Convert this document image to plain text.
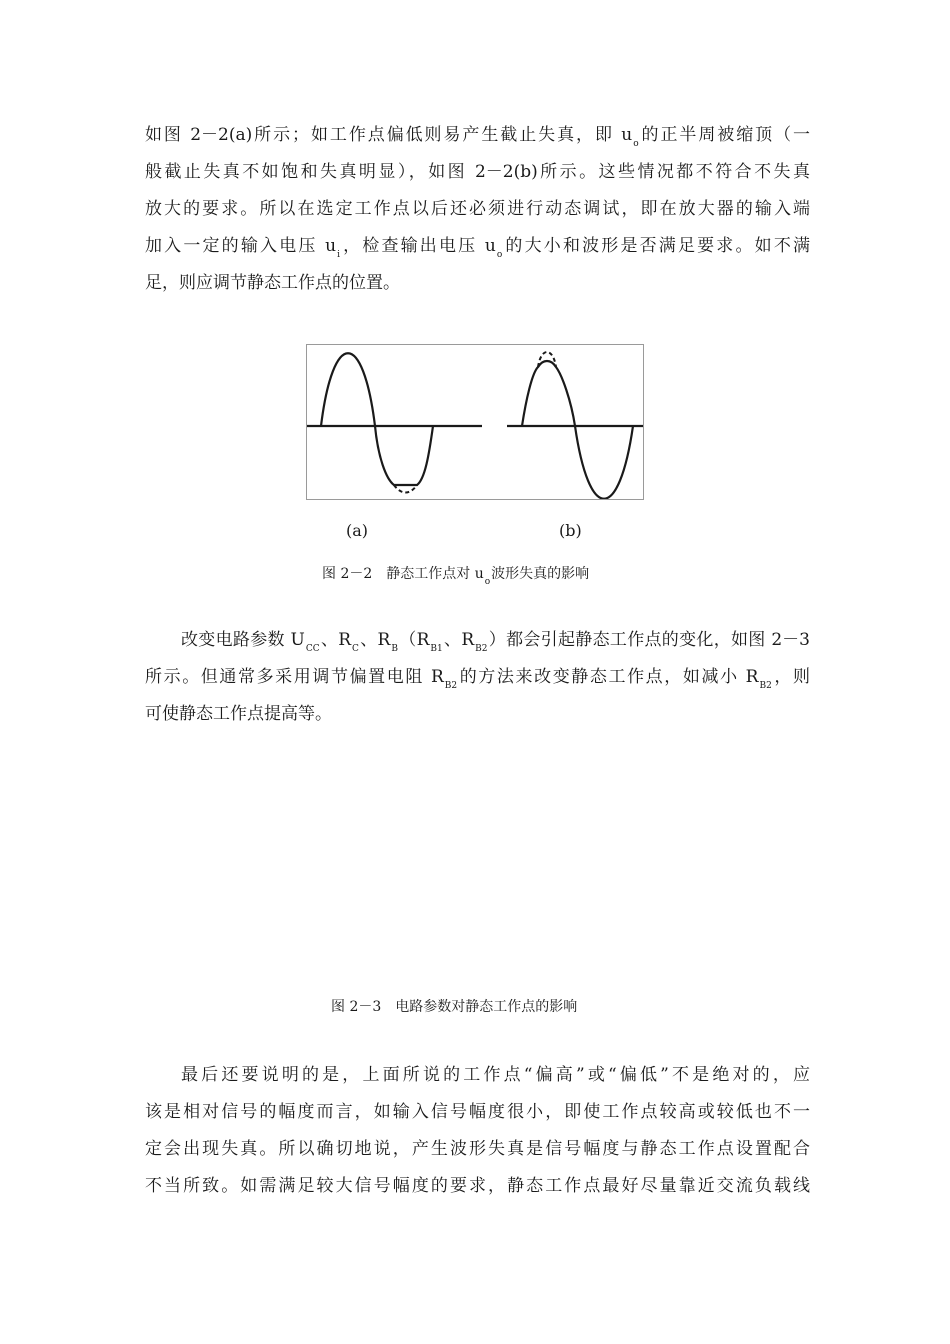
如图 2－2(a)所示；如工作点偏低则易产生截止失真，即 $u_o$的正半周被缩顶（一
般截止失真不如饱和失真明显），如图 2－2(b)所示。这些情况都不符合不失真
放大的要求。所以在选定工作点以后还必须进行动态调试，即在放大器的输入端
加入一定的输入电压 $u_i$，检查输出电压 $u_o$的大小和波形是否满足要求。如不满
足，则应调节静态工作点的位置。
(a)	(b)
图 2－2　静态工作点对 $u_o$波形失真的影响
改变电路参数 $U_{CC}$、$R_C$、$R_B(R_{B1}$、$R_{B2}$）都会引起静态工作点的变化，如图 2－3
所示。但通常多采用调节偏置电阻 $R_{B2}$的方法来改变静态工作点，如减小 $R_{B2}$，则
可使静态工作点提高等。
图 2－3　电路参数对静态工作点的影响
最后还要说明的是，上面所说的工作点“偏高”或“偏低”不是绝对的，应
该是相对信号的幅度而言，如输入信号幅度很小，即使工作点较高或较低也不一
定会出现失真。所以确切地说，产生波形失真是信号幅度与静态工作点设置配合
不当所致。如需满足较大信号幅度的要求，静态工作点最好尽量靠近交流负载线
